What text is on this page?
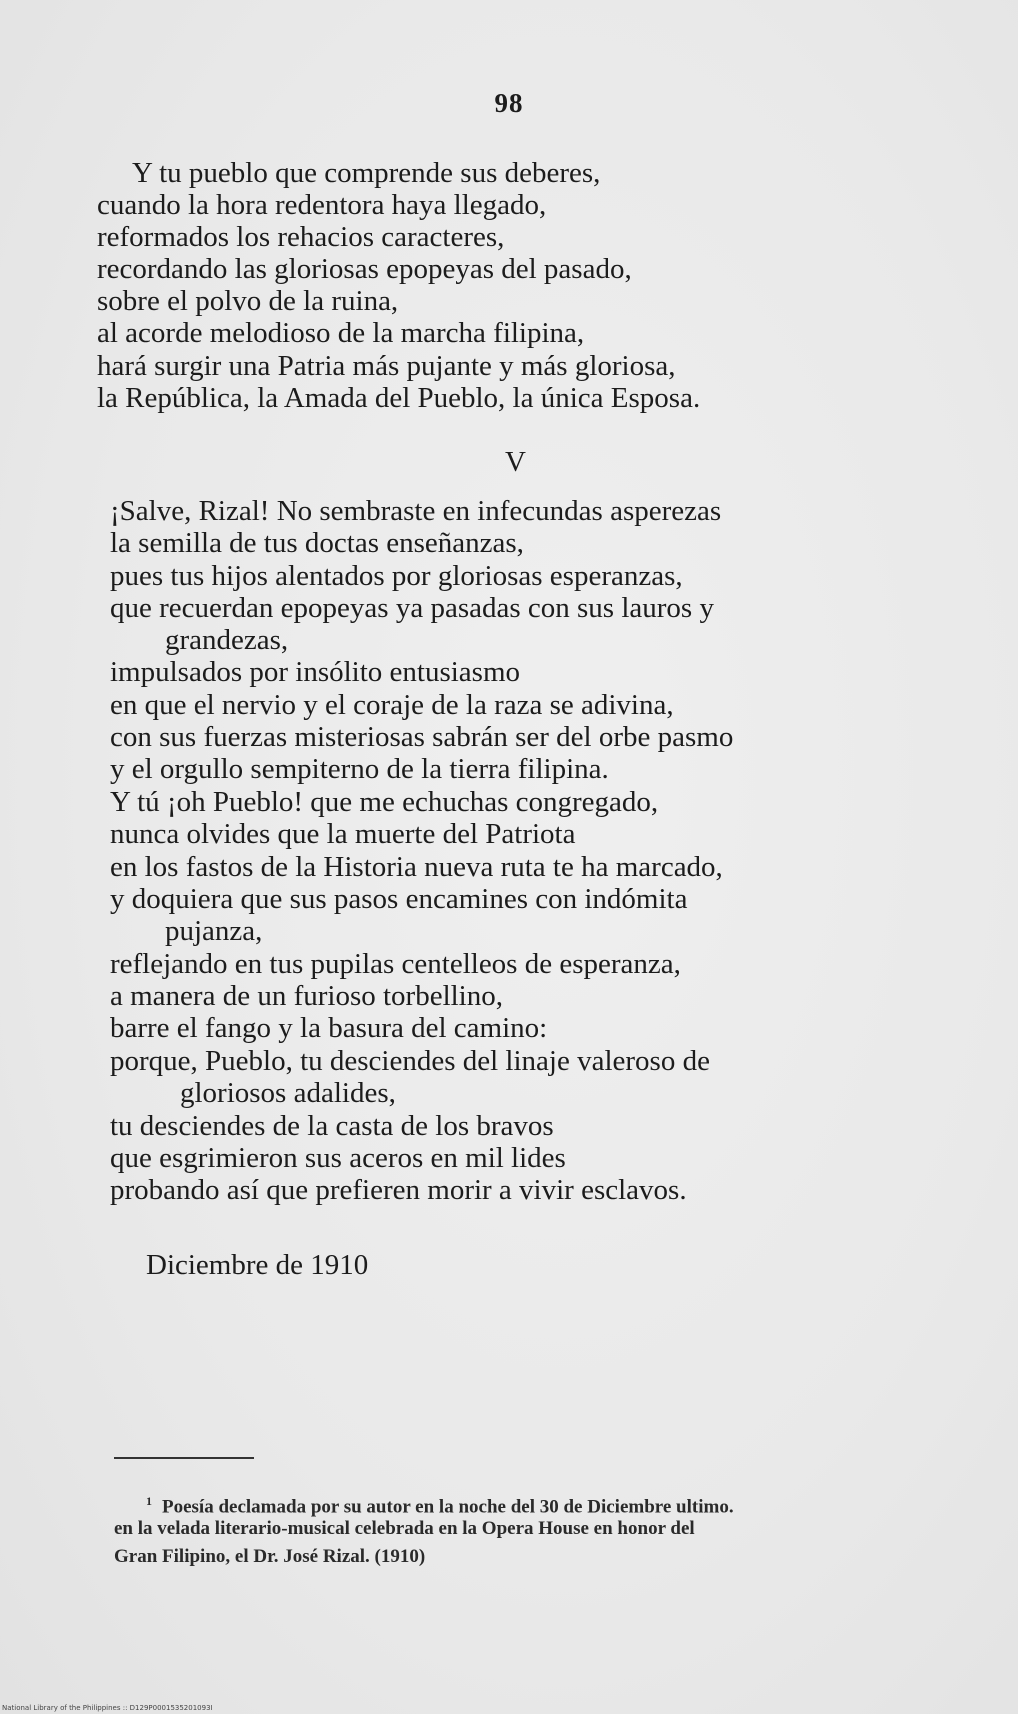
98
Y tu pueblo que comprende sus deberes,
cuando la hora redentora haya llegado,
reformados los rehacios caracteres,
recordando las gloriosas epopeyas del pasado,
sobre el polvo de la ruina,
al acorde melodioso de la marcha filipina,
hará surgir una Patria más pujante y más gloriosa,
la República, la Amada del Pueblo, la única Esposa.
V
¡Salve, Rizal! No sembraste en infecundas asperezas
la semilla de tus doctas enseñanzas,
pues tus hijos alentados por gloriosas esperanzas,
que recuerdan epopeyas ya pasadas con sus lauros y
grandezas,
impulsados por insólito entusiasmo
en que el nervio y el coraje de la raza se adivina,
con sus fuerzas misteriosas sabrán ser del orbe pasmo
y el orgullo sempiterno de la tierra filipina.
Y tú ¡oh Pueblo! que me echuchas congregado,
nunca olvides que la muerte del Patriota
en los fastos de la Historia nueva ruta te ha marcado,
y doquiera que sus pasos encamines con indómita
pujanza,
reflejando en tus pupilas centelleos de esperanza,
a manera de un furioso torbellino,
barre el fango y la basura del camino:
porque, Pueblo, tu desciendes del linaje valeroso de
gloriosos adalides,
tu desciendes de la casta de los bravos
que esgrimieron sus aceros en mil lides
probando así que prefieren morir a vivir esclavos.
Diciembre de 1910
$^1$ Poesía declamada por su autor en la noche del 30 de Diciembre ultimo.
en la velada literario-musical celebrada en la Opera House en honor del
Gran Filipino, el Dr. José Rizal. (1910)
National Library of the Philippines :: D129P0001535201093I
